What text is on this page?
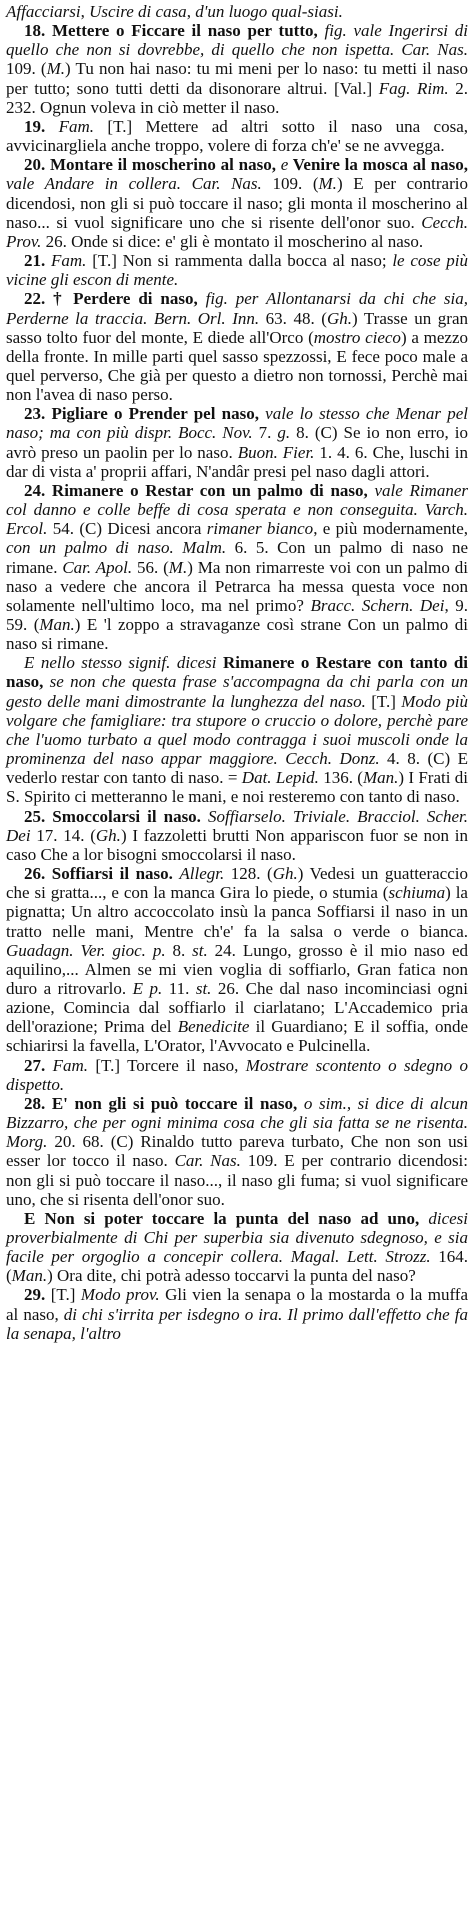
Affacciarsi, Uscire di casa, d'un luogo qual-siasi.

18. Mettere o Ficcare il naso per tutto, fig. vale Ingerirsi di quello che non si dovrebbe, di quello che non ispetta. Car. Nas. 109. (M.) Tu non hai naso: tu mi meni per lo naso: tu metti il naso per tutto; sono tutti detti da disonorare altrui. [Val.] Fag. Rim. 2. 232. Ognun voleva in ciò metter il naso.

19. Fam. [T.] Mettere ad altri sotto il naso una cosa, avvicinargliela anche troppo, volere di forza ch'e' se ne avvegga.

20. Montare il moscherino al naso, e Venire la mosca al naso, vale Andare in collera. Car. Nas. 109. (M.) E per contrario dicendosi, non gli si può toccare il naso; gli monta il moscherino al naso... si vuol significare uno che si risente dell'onor suo. Cecch. Prov. 26. Onde si dice: e' gli è montato il moscherino al naso.

21. Fam. [T.] Non si rammenta dalla bocca al naso; le cose più vicine gli escon di mente.

22. † Perdere di naso, fig. per Allontanarsi da chi che sia, Perderne la traccia. Bern. Orl. Inn. 63. 48. (Gh.) Trasse un gran sasso tolto fuor del monte, E diede all'Orco (mostro cieco) a mezzo della fronte. In mille parti quel sasso spezzossi, E fece poco male a quel perverso, Che già per questo a dietro non tornossi, Perchè mai non l'avea di naso perso.

23. Pigliare o Prender pel naso, vale lo stesso che Menar pel naso; ma con più dispr. Bocc. Nov. 7. g. 8. (C) Se io non erro, io avrò preso un paolin per lo naso. Buon. Fier. 1. 4. 6. Che, luschi in dar di vista a' proprii affari, N'andâr presi pel naso dagli attori.

24. Rimanere o Restar con un palmo di naso, vale Rimaner col danno e colle beffe di cosa sperata e non conseguita. Varch. Ercol. 54. (C) Dicesi ancora rimaner bianco, e più modernamente, con un palmo di naso. Malm. 6. 5. Con un palmo di naso ne rimane. Car. Apol. 56. (M.) Ma non rimarreste voi con un palmo di naso a vedere che ancora il Petrarca ha messa questa voce non solamente nell'ultimo loco, ma nel primo? Bracc. Schern. Dei, 9. 59. (Man.) E 'l zoppo a stravaganze così strane Con un palmo di naso si rimane.

E nello stesso signif. dicesi Rimanere o Restare con tanto di naso, se non che questa frase s'accompagna da chi parla con un gesto delle mani dimostrante la lunghezza del naso. [T.] Modo più volgare che famigliare: tra stupore o cruccio o dolore, perchè pare che l'uomo turbato a quel modo contragga i suoi muscoli onde la prominenza del naso appar maggiore. Cecch. Donz. 4. 8. (C) E vederlo restar con tanto di naso. = Dat. Lepid. 136. (Man.) I Frati di S. Spirito ci metteranno le mani, e noi resteremo con tanto di naso.

25. Smoccolarsi il naso. Soffiarselo. Triviale. Bracciol. Scher. Dei 17. 14. (Gh.) I fazzoletti brutti Non appariscon fuor se non in caso Che a lor bisogni smoccolarsi il naso.

26. Soffiarsi il naso. Allegr. 128. (Gh.) Vedesi un guatteraccio che si gratta..., e con la manca Gira lo piede, o stumia (schiuma) la pignatta; Un altro accoccolato insù la panca Soffiarsi il naso in un tratto nelle mani, Mentre ch'e' fa la salsa o verde o bianca. Guadagn. Ver. gioc. p. 8. st. 24. Lungo, grosso è il mio naso ed aquilino,... Almen se mi vien voglia di soffiarlo, Gran fatica non duro a ritrovarlo. E p. 11. st. 26. Che dal naso incominciasi ogni azione, Comincia dal soffiarlo il ciarlatano; L'Accademico pria dell'orazione; Prima del Benedicite il Guardiano; E il soffia, onde schiarirsi la favella, L'Orator, l'Avvocato e Pulcinella.

27. Fam. [T.] Torcere il naso, Mostrare scontento o sdegno o dispetto.

28. E' non gli si può toccare il naso, o sim., si dice di alcun Bizzarro, che per ogni minima cosa che gli sia fatta se ne risenta. Morg. 20. 68. (C) Rinaldo tutto pareva turbato, Che non son usi esser lor tocco il naso. Car. Nas. 109. E per contrario dicendosi: non gli si può toccare il naso..., il naso gli fuma; si vuol significare uno, che si risenta dell'onor suo.

E Non si poter toccare la punta del naso ad uno, dicesi proverbialmente di Chi per superbia sia divenuto sdegnoso, e sia facile per orgoglio a concepir collera. Magal. Lett. Strozz. 164. (Man.) Ora dite, chi potrà adesso toccarvi la punta del naso?

29. [T.] Modo prov. Gli vien la senapa o la mostarda o la muffa al naso, di chi s'irrita per isdegno o ira. Il primo dall'effetto che fa la senapa, l'altro
